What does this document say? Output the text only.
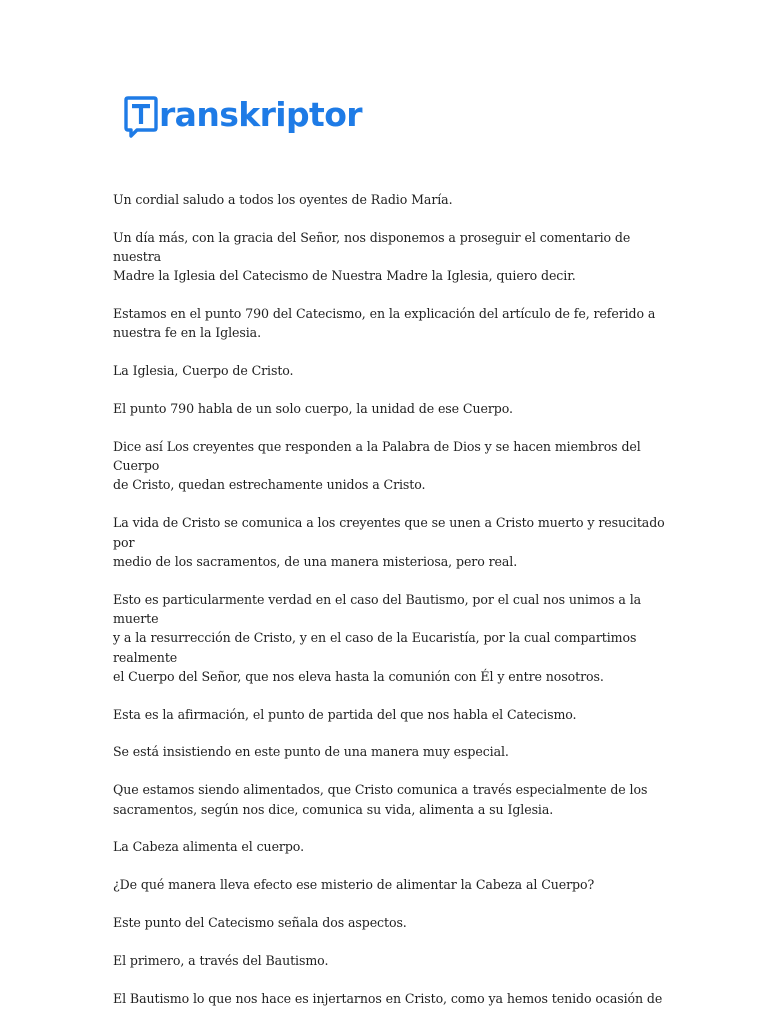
ranskriptor

Un cordial saludo a todos los oyentes de Radio María.

Un día más, con la gracia del Señor, nos disponemos a proseguir el comentario de nuestra
Madre la Iglesia del Catecismo de Nuestra Madre la Iglesia, quiero decir.

Estamos en el punto 790 del Catecismo, en la explicación del artículo de fe, referido a
nuestra fe en la Iglesia.

La Iglesia, Cuerpo de Cristo.

El punto 790 habla de un solo cuerpo, la unidad de ese Cuerpo.

Dice así Los creyentes que responden a la Palabra de Dios y se hacen miembros del Cuerpo
de Cristo, quedan estrechamente unidos a Cristo.

La vida de Cristo se comunica a los creyentes que se unen a Cristo muerto y resucitado por
medio de los sacramentos, de una manera misteriosa, pero real.

Esto es particularmente verdad en el caso del Bautismo, por el cual nos unimos a la muerte
y a la resurrección de Cristo, y en el caso de la Eucaristía, por la cual compartimos realmente
el Cuerpo del Señor, que nos eleva hasta la comunión con Él y entre nosotros.

Esta es la afirmación, el punto de partida del que nos habla el Catecismo.

Se está insistiendo en este punto de una manera muy especial.

Que estamos siendo alimentados, que Cristo comunica a través especialmente de los
sacramentos, según nos dice, comunica su vida, alimenta a su Iglesia.

La Cabeza alimenta el cuerpo.

¿De qué manera lleva efecto ese misterio de alimentar la Cabeza al Cuerpo?

Este punto del Catecismo señala dos aspectos.

El primero, a través del Bautismo.

El Bautismo lo que nos hace es injertarnos en Cristo, como ya hemos tenido ocasión de
